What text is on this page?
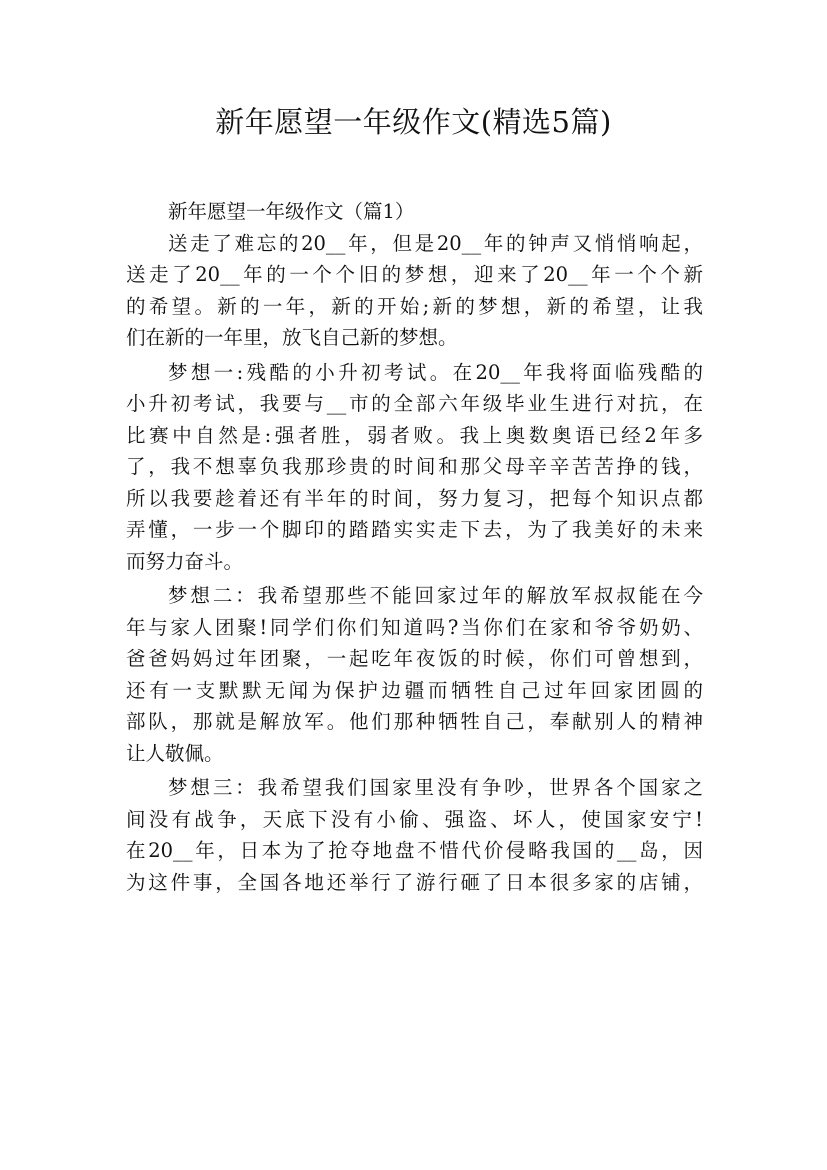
新年愿望一年级作文(精选5篇)
新年愿望一年级作文（篇1）
送走了难忘的20__年，但是20__年的钟声又悄悄响起，
送走了20__年的一个个旧的梦想，迎来了20__年一个个新
的希望。新的一年，新的开始;新的梦想，新的希望，让我
们在新的一年里，放飞自己新的梦想。
梦想一:残酷的小升初考试。在20__年我将面临残酷的
小升初考试，我要与__市的全部六年级毕业生进行对抗，在
比赛中自然是:强者胜，弱者败。我上奥数奥语已经2年多
了，我不想辜负我那珍贵的时间和那父母辛辛苦苦挣的钱，
所以我要趁着还有半年的时间，努力复习，把每个知识点都
弄懂，一步一个脚印的踏踏实实走下去，为了我美好的未来
而努力奋斗。
梦想二：我希望那些不能回家过年的解放军叔叔能在今
年与家人团聚!同学们你们知道吗?当你们在家和爷爷奶奶、
爸爸妈妈过年团聚，一起吃年夜饭的时候，你们可曾想到，
还有一支默默无闻为保护边疆而牺牲自己过年回家团圆的
部队，那就是解放军。他们那种牺牲自己，奉献别人的精神
让人敬佩。
梦想三：我希望我们国家里没有争吵，世界各个国家之
间没有战争，天底下没有小偷、强盗、坏人，使国家安宁!
在20__年，日本为了抢夺地盘不惜代价侵略我国的__岛，因
为这件事，全国各地还举行了游行砸了日本很多家的店铺，
